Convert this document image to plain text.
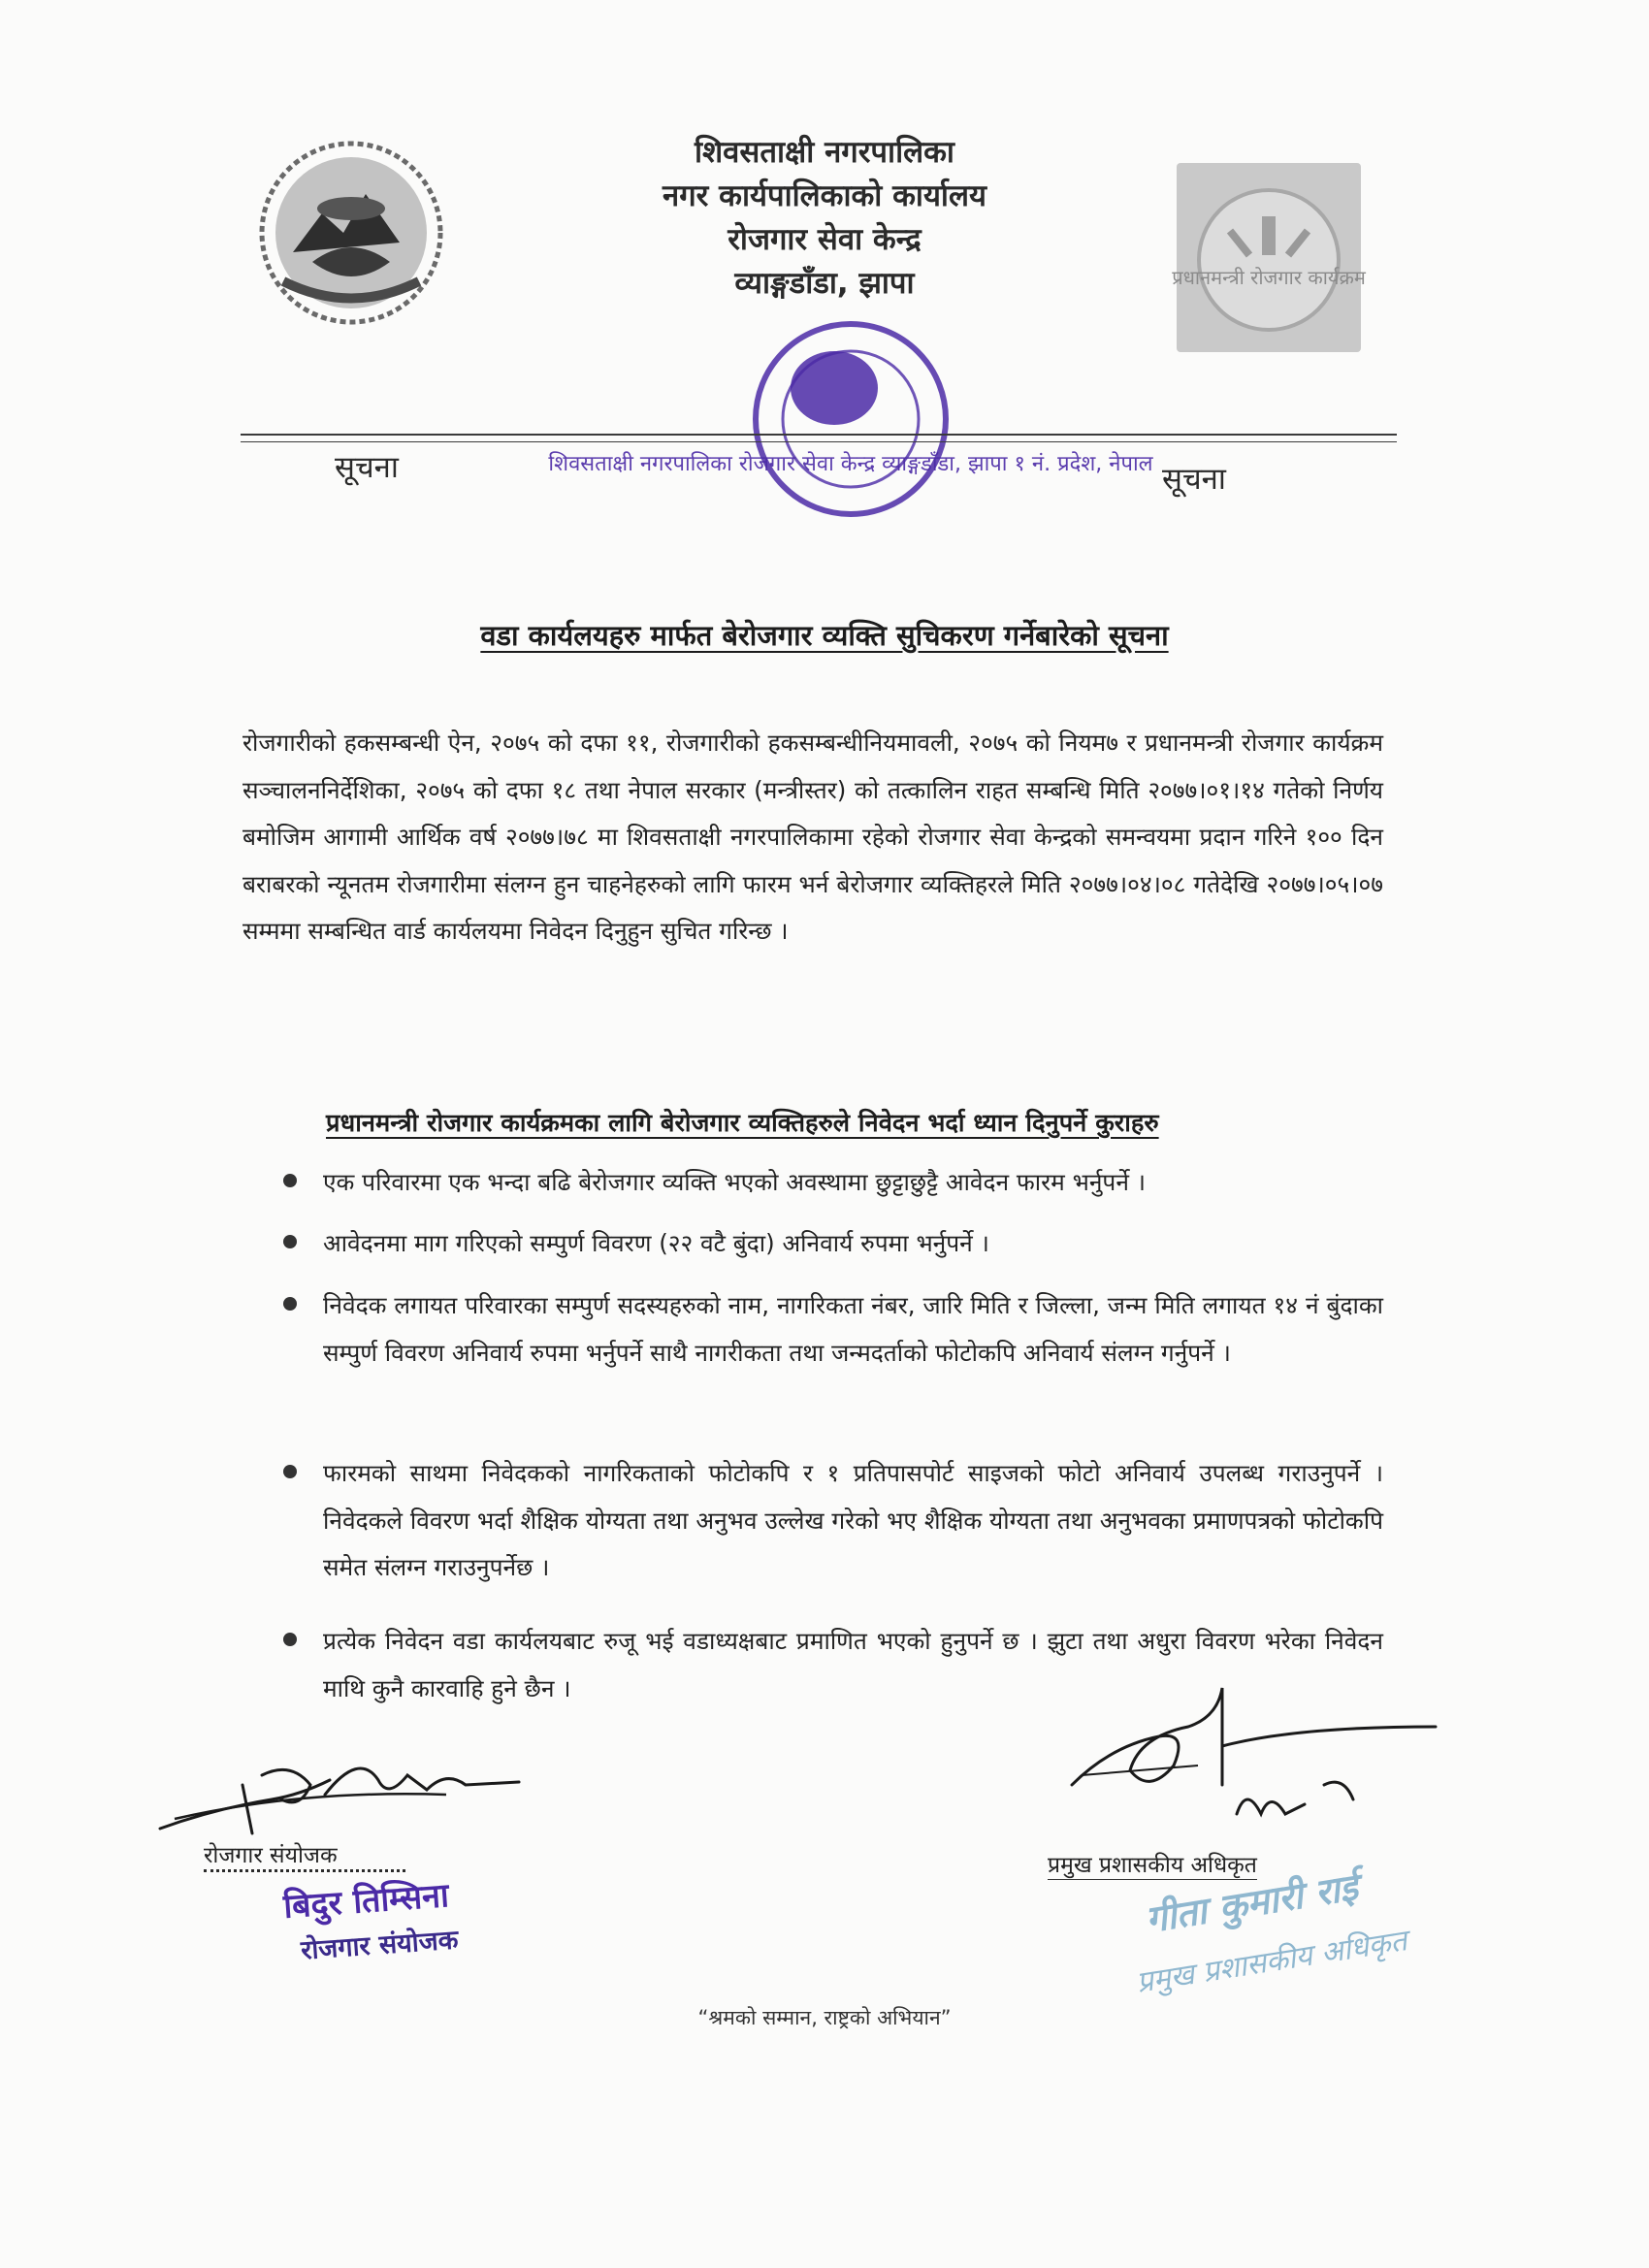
शिवसताक्षी नगरपालिका
नगर कार्यपालिकाको कार्यालय
रोजगार सेवा केन्द्र
व्याङ्गडाँडा, झापा	प्रधानमन्त्री रोजगार कार्यक्रम
शिवसताक्षी नगरपालिका रोजगार सेवा केन्द्र व्याङ्गडाँडा, झापा १ नं. प्रदेश, नेपाल
सूचना	सूचना
वडा कार्यलयहरु मार्फत बेरोजगार व्यक्ति सुचिकरण गर्नेबारेको सूचना
रोजगारीको हकसम्बन्धी ऐन, २०७५ को दफा ११, रोजगारीको हकसम्बन्धीनियमावली, २०७५ को नियम७ र प्रधानमन्त्री रोजगार कार्यक्रम सञ्चालननिर्देशिका, २०७५ को दफा १८ तथा नेपाल सरकार (मन्त्रीस्तर) को तत्कालिन राहत सम्बन्धि मिति २०७७।०१।१४ गतेको निर्णय बमोजिम आगामी आर्थिक वर्ष २०७७।७८ मा शिवसताक्षी नगरपालिकामा रहेको रोजगार सेवा केन्द्रको समन्वयमा प्रदान गरिने १०० दिन बराबरको न्यूनतम रोजगारीमा संलग्न हुन चाहनेहरुको लागि फारम भर्न बेरोजगार व्यक्तिहरले मिति २०७७।०४।०८ गतेदेखि २०७७।०५।०७ सम्ममा सम्बन्धित वार्ड कार्यलयमा निवेदन दिनुहुन सुचित गरिन्छ ।
प्रधानमन्त्री रोजगार कार्यक्रमका लागि बेरोजगार व्यक्तिहरुले निवेदन भर्दा ध्यान दिनुपर्ने कुराहरु
एक परिवारमा एक भन्दा बढि बेरोजगार व्यक्ति भएको अवस्थामा छुट्टाछुट्टै आवेदन फारम भर्नुपर्ने ।
आवेदनमा माग गरिएको सम्पुर्ण विवरण (२२ वटै बुंदा) अनिवार्य रुपमा भर्नुपर्ने ।
निवेदक लगायत परिवारका सम्पुर्ण सदस्यहरुको नाम, नागरिकता नंबर, जारि मिति र जिल्ला, जन्म मिति लगायत १४ नं बुंदाका सम्पुर्ण विवरण अनिवार्य रुपमा भर्नुपर्ने साथै नागरीकता तथा जन्मदर्ताको फोटोकपि अनिवार्य संलग्न गर्नुपर्ने ।
फारमको साथमा निवेदकको नागरिकताको फोटोकपि र १ प्रतिपासपोर्ट साइजको फोटो अनिवार्य उपलब्ध गराउनुपर्ने । निवेदकले विवरण भर्दा शैक्षिक योग्यता तथा अनुभव उल्लेख गरेको भए शैक्षिक योग्यता तथा अनुभवका प्रमाणपत्रको फोटोकपि समेत संलग्न गराउनुपर्नेछ ।
प्रत्येक निवेदन वडा कार्यलयबाट रुजू भई वडाध्यक्षबाट प्रमाणित भएको हुनुपर्ने छ । झुटा तथा अधुरा विवरण भरेका निवेदन माथि कुनै कारवाहि हुने छैन ।
रोजगार संयोजक
बिदुर तिम्सिना
रोजगार संयोजक
प्रमुख प्रशासकीय अधिकृत
गीता कुमारी राई
प्रमुख प्रशासकीय अधिकृत
“श्रमको सम्मान, राष्ट्रको अभियान”
